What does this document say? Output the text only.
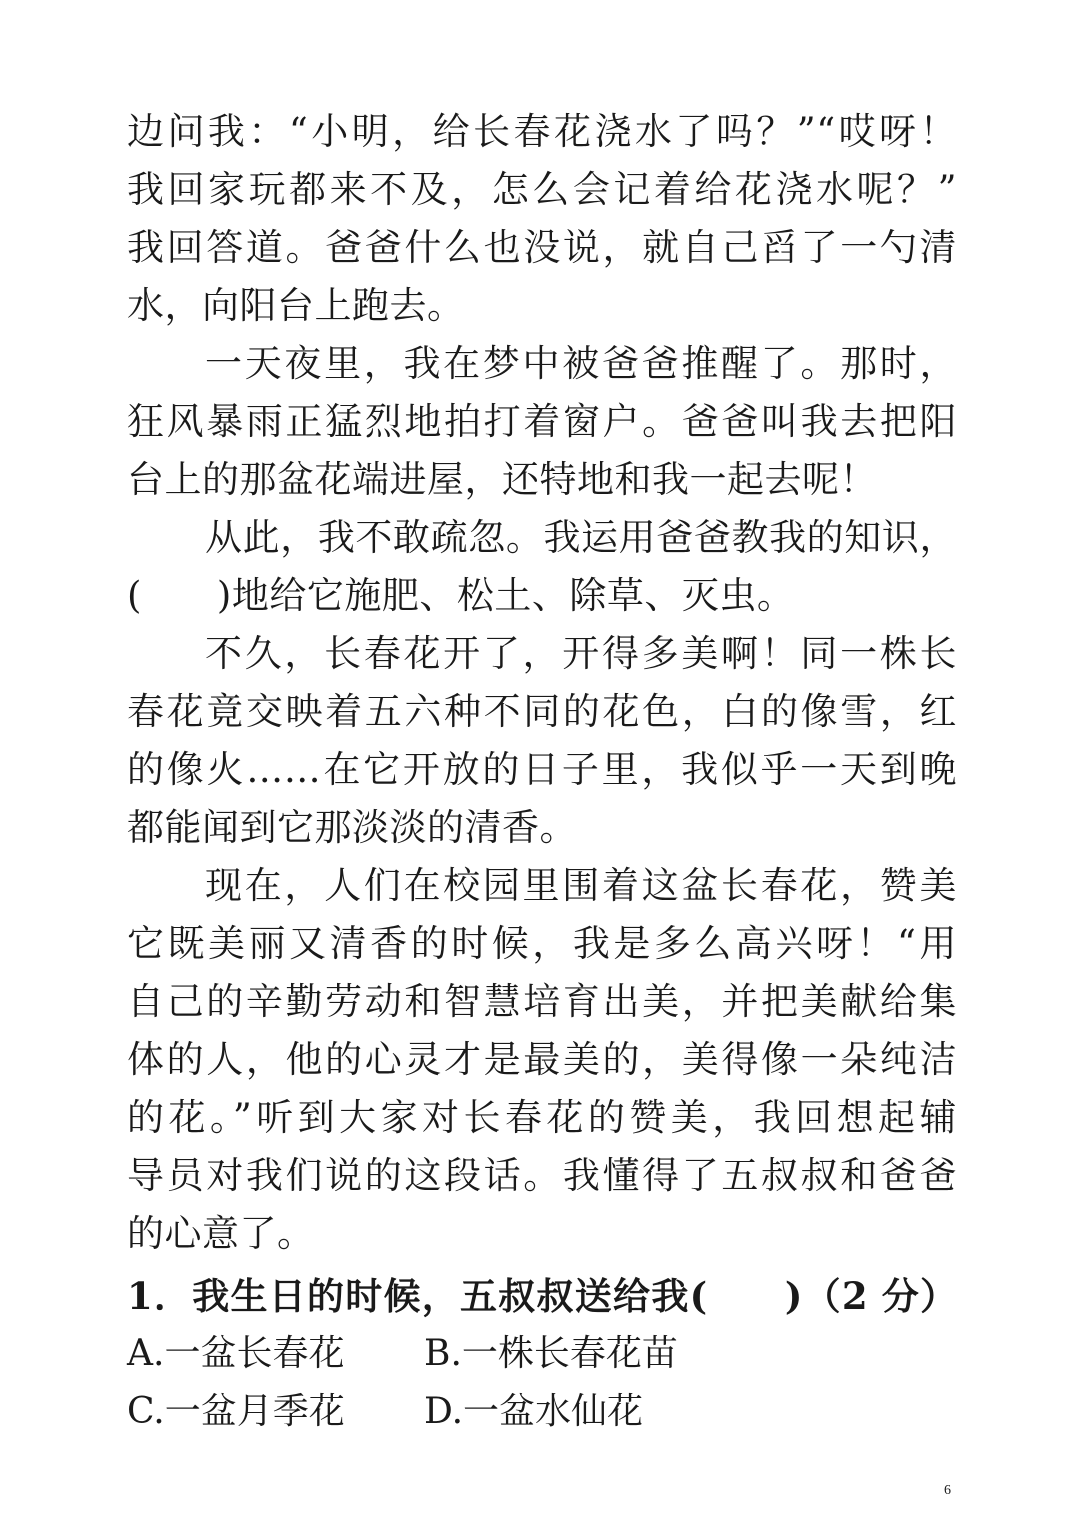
边问我：“小明，给长春花浇水了吗？”“哎呀！
我回家玩都来不及，怎么会记着给花浇水呢？”
我回答道。爸爸什么也没说，就自己舀了一勺清
水，向阳台上跑去。
一天夜里，我在梦中被爸爸推醒了。那时，
狂风暴雨正猛烈地拍打着窗户。爸爸叫我去把阳
台上的那盆花端进屋，还特地和我一起去呢！
从此，我不敢疏忽。我运用爸爸教我的知识，
(　　)地给它施肥、松土、除草、灭虫。
不久，长春花开了，开得多美啊！同一株长
春花竟交映着五六种不同的花色，白的像雪，红
的像火……在它开放的日子里，我似乎一天到晚
都能闻到它那淡淡的清香。
现在，人们在校园里围着这盆长春花，赞美
它既美丽又清香的时候，我是多么高兴呀！“用
自己的辛勤劳动和智慧培育出美，并把美献给集
体的人，他的心灵才是最美的，美得像一朵纯洁
的花。”听到大家对长春花的赞美，我回想起辅
导员对我们说的这段话。我懂得了五叔叔和爸爸
的心意了。
1．我生日的时候，五叔叔送给我(　　)（2 分）
A.一盆长春花 B.一株长春花苗
C.一盆月季花 D.一盆水仙花
6
